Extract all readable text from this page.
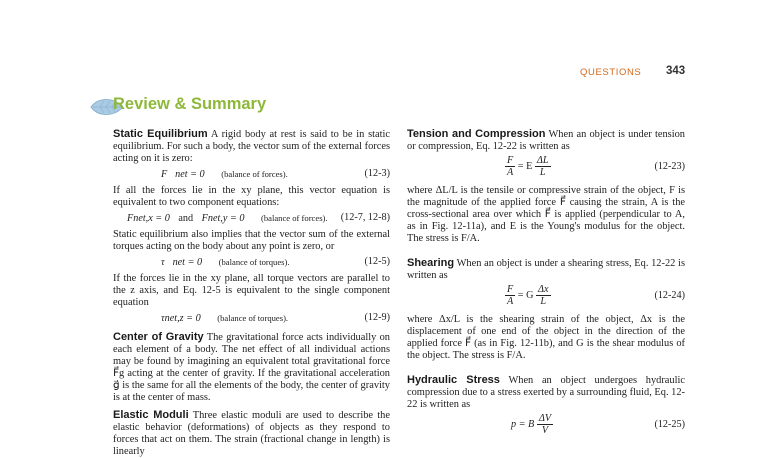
QUESTIONS 343
Review & Summary

Static Equilibrium A rigid body at rest is said to be in static equilibrium. For such a body, the vector sum of the external forces acting on it is zero:

F⃗net = 0 (balance of forces).	(12-3)

If all the forces lie in the xy plane, this vector equation is equivalent to two component equations:

Fnet,x = 0 and Fnet,y = 0 (balance of forces). (12-7, 12-8)

Static equilibrium also implies that the vector sum of the external torques acting on the body about any point is zero, or

τ⃗net = 0 (balance of torques).	(12-5)

If the forces lie in the xy plane, all torque vectors are parallel to the z axis, and Eq. 12-5 is equivalent to the single component equation

τnet,z = 0 (balance of torques).	(12-9)

Center of Gravity The gravitational force acts individually on each element of a body. The net effect of all individual actions may be found by imagining an equivalent total gravitational force F⃗g acting at the center of gravity. If the gravitational acceleration g⃗ is the same for all the elements of the body, the center of gravity is at the center of mass.

Elastic Moduli Three elastic moduli are used to describe the elastic behavior (deformations) of objects as they respond to forces that act on them. The strain (fractional change in length) is linearly

Tension and Compression When an object is under tension or compression, Eq. 12-22 is written as

$\frac{F}{A} = E \frac{\Delta L}{L}$	(12-23)

where ΔL/L is the tensile or compressive strain of the object, F is the magnitude of the applied force F⃗ causing the strain, A is the cross-sectional area over which F⃗ is applied (perpendicular to A, as in Fig. 12-11a), and E is the Young's modulus for the object. The stress is F/A.

Shearing When an object is under a shearing stress, Eq. 12-22 is written as

$\frac{F}{A} = G \frac{\Delta x}{L}$	(12-24)

where Δx/L is the shearing strain of the object, Δx is the displacement of one end of the object in the direction of the applied force F⃗ (as in Fig. 12-11b), and G is the shear modulus of the object. The stress is F/A.

Hydraulic Stress When an object undergoes hydraulic compression due to a stress exerted by a surrounding fluid, Eq. 12-22 is written as

p = B $\frac{\Delta V}{V}$	(12-25)
